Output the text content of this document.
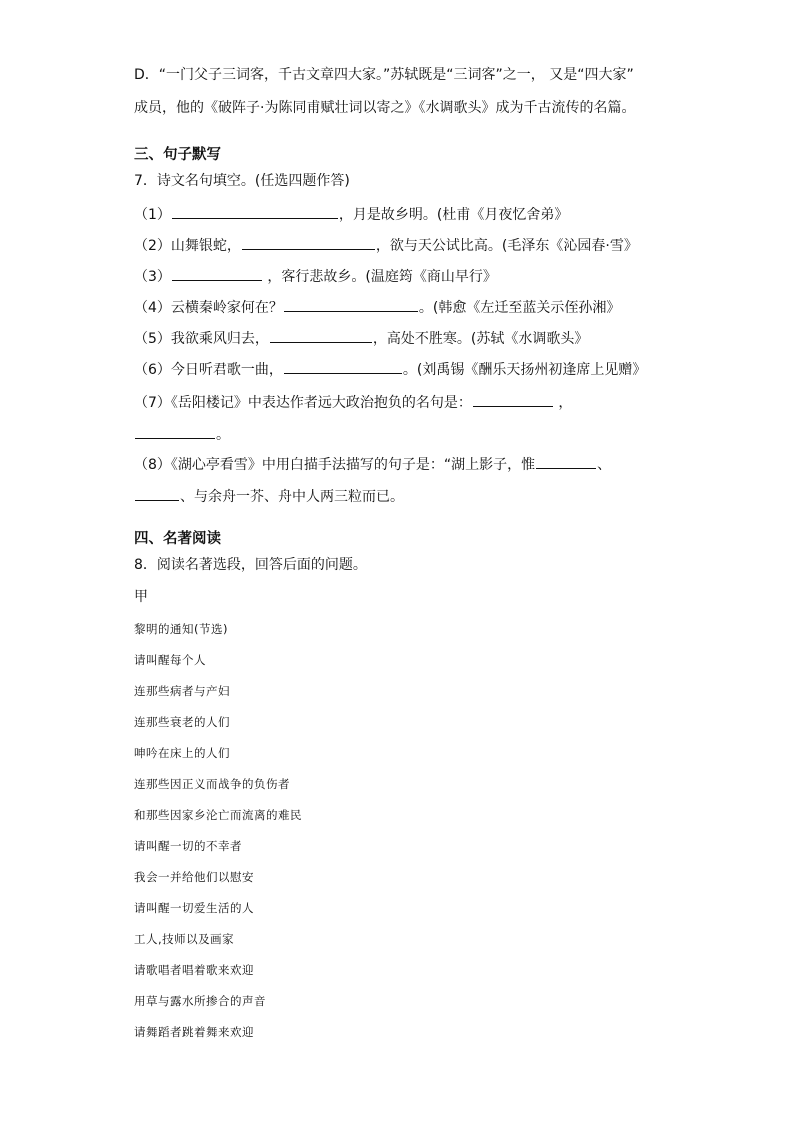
D．“一门父子三词客，千古文章四大家。”苏轼既是“三词客”之一， 又是“四大家”
成员，他的《破阵子·为陈同甫赋壮词以寄之》《水调歌头》成为千古流传的名篇。
三、句子默写
7．诗文名句填空。(任选四题作答)
（1）	，月是故乡明。(杜甫《月夜忆舍弟》
（2）山舞银蛇，	，欲与天公试比高。(毛泽东《沁园春·雪》
（3）	，客行悲故乡。(温庭筠《商山早行》
（4）云横秦岭家何在？	。(韩愈《左迁至蓝关示侄孙湘》
（5）我欲乘风归去，	，高处不胜寒。(苏轼《水调歌头》
（6）今日听君歌一曲，	。(刘禹锡《酬乐天扬州初逢席上见赠》
（7）《岳阳楼记》中表达作者远大政治抱负的名句是：	，
。
（8）《湖心亭看雪》中用白描手法描写的句子是：“湖上影子，惟	、
、与余舟一芥、舟中人两三粒而已。
四、名著阅读
8．阅读名著选段，回答后面的问题。
甲
黎明的通知(节选)
请叫醒每个人
连那些病者与产妇
连那些衰老的人们
呻吟在床上的人们
连那些因正义而战争的负伤者
和那些因家乡沦亡而流离的难民
请叫醒一切的不幸者
我会一并给他们以慰安
请叫醒一切爱生活的人
工人,技师以及画家
请歌唱者唱着歌来欢迎
用草与露水所掺合的声音
请舞蹈者跳着舞来欢迎
